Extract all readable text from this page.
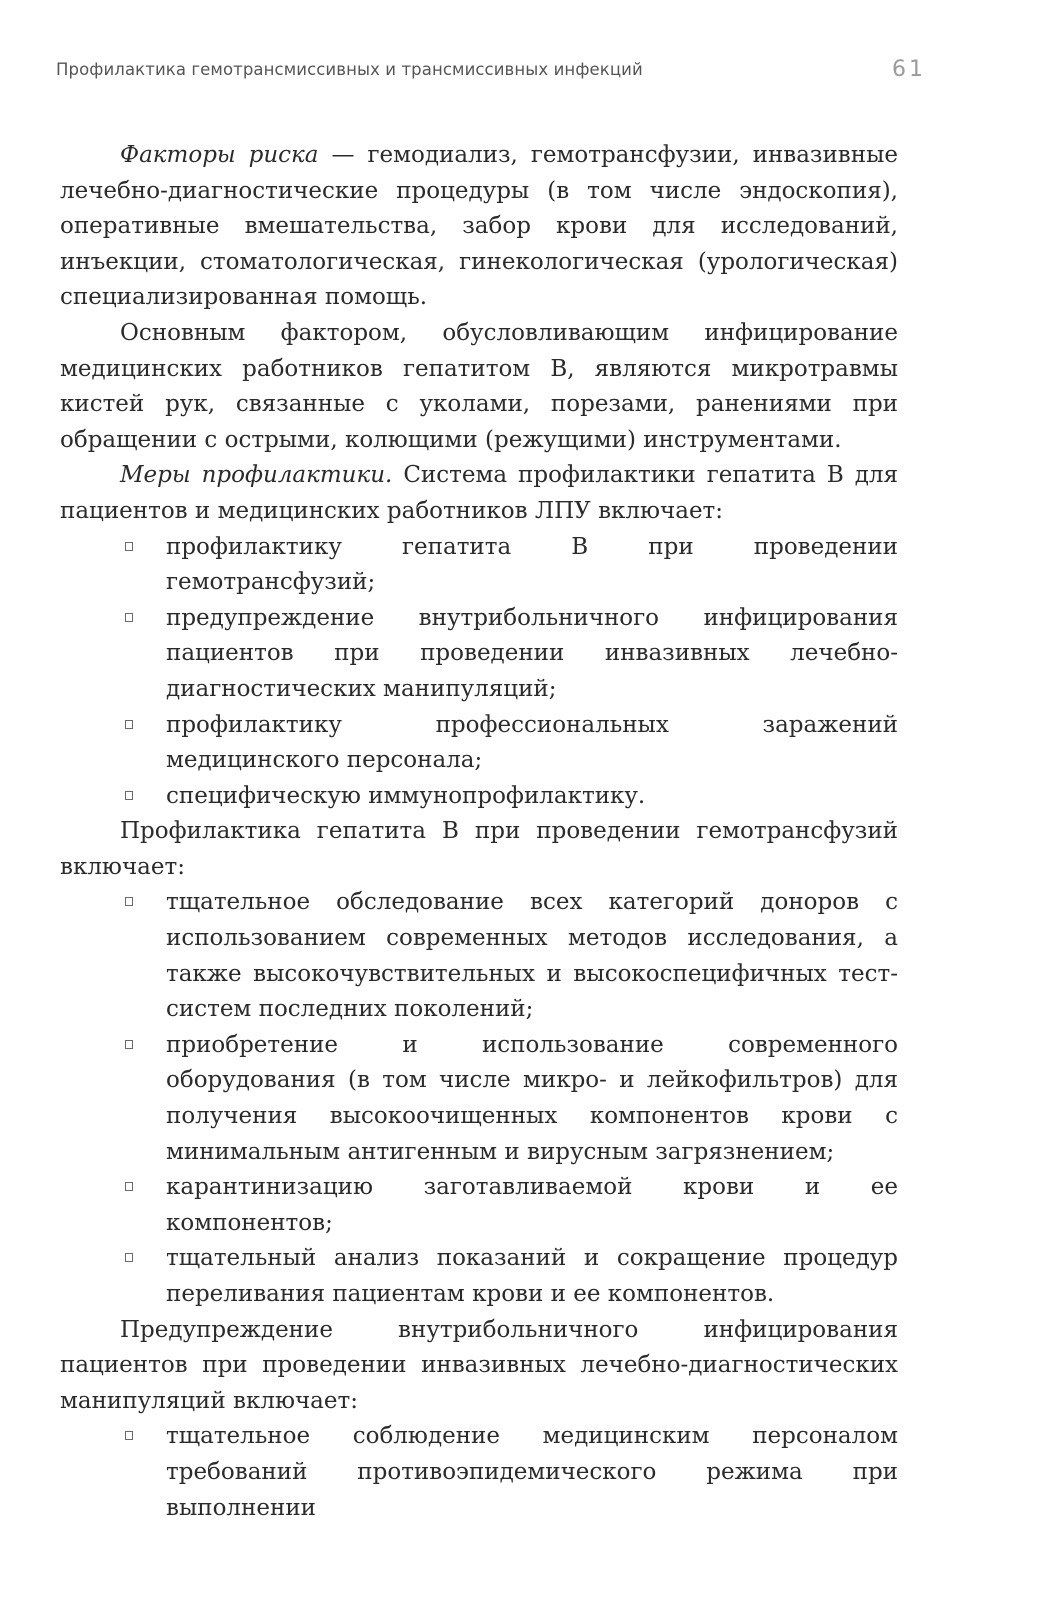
Профилактика гемотрансмиссивных и трансмиссивных инфекций	61

Факторы риска — гемодиализ, гемотрансфузии, инвазивные лечебно-диагностические процедуры (в том числе эндоскопия), оперативные вмешательства, забор крови для исследований, инъекции, стоматологическая, гинекологическая (урологическая) специализированная помощь.

Основным фактором, обусловливающим инфицирование медицинских работников гепатитом В, являются микротравмы кистей рук, связанные с уколами, порезами, ранениями при обращении с острыми, колющими (режущими) инструментами.

Меры профилактики. Система профилактики гепатита В для пациентов и медицинских работников ЛПУ включает:

профилактику гепатита В при проведении гемотрансфузий;
предупреждение внутрибольничного инфицирования пациентов при проведении инвазивных лечебно-диагностических манипуляций;
профилактику профессиональных заражений медицинского персонала;
специфическую иммунопрофилактику.

Профилактика гепатита В при проведении гемотрансфузий включает:

тщательное обследование всех категорий доноров с использованием современных методов исследования, а также высокочувствительных и высокоспецифичных тест-систем последних поколений;
приобретение и использование современного оборудования (в том числе микро- и лейкофильтров) для получения высокоочищенных компонентов крови с минимальным антигенным и вирусным загрязнением;
карантинизацию заготавливаемой крови и ее компонентов;
тщательный анализ показаний и сокращение процедур переливания пациентам крови и ее компонентов.

Предупреждение внутрибольничного инфицирования пациентов при проведении инвазивных лечебно-диагностических манипуляций включает:

тщательное соблюдение медицинским персоналом требований противоэпидемического режима при выполнении
